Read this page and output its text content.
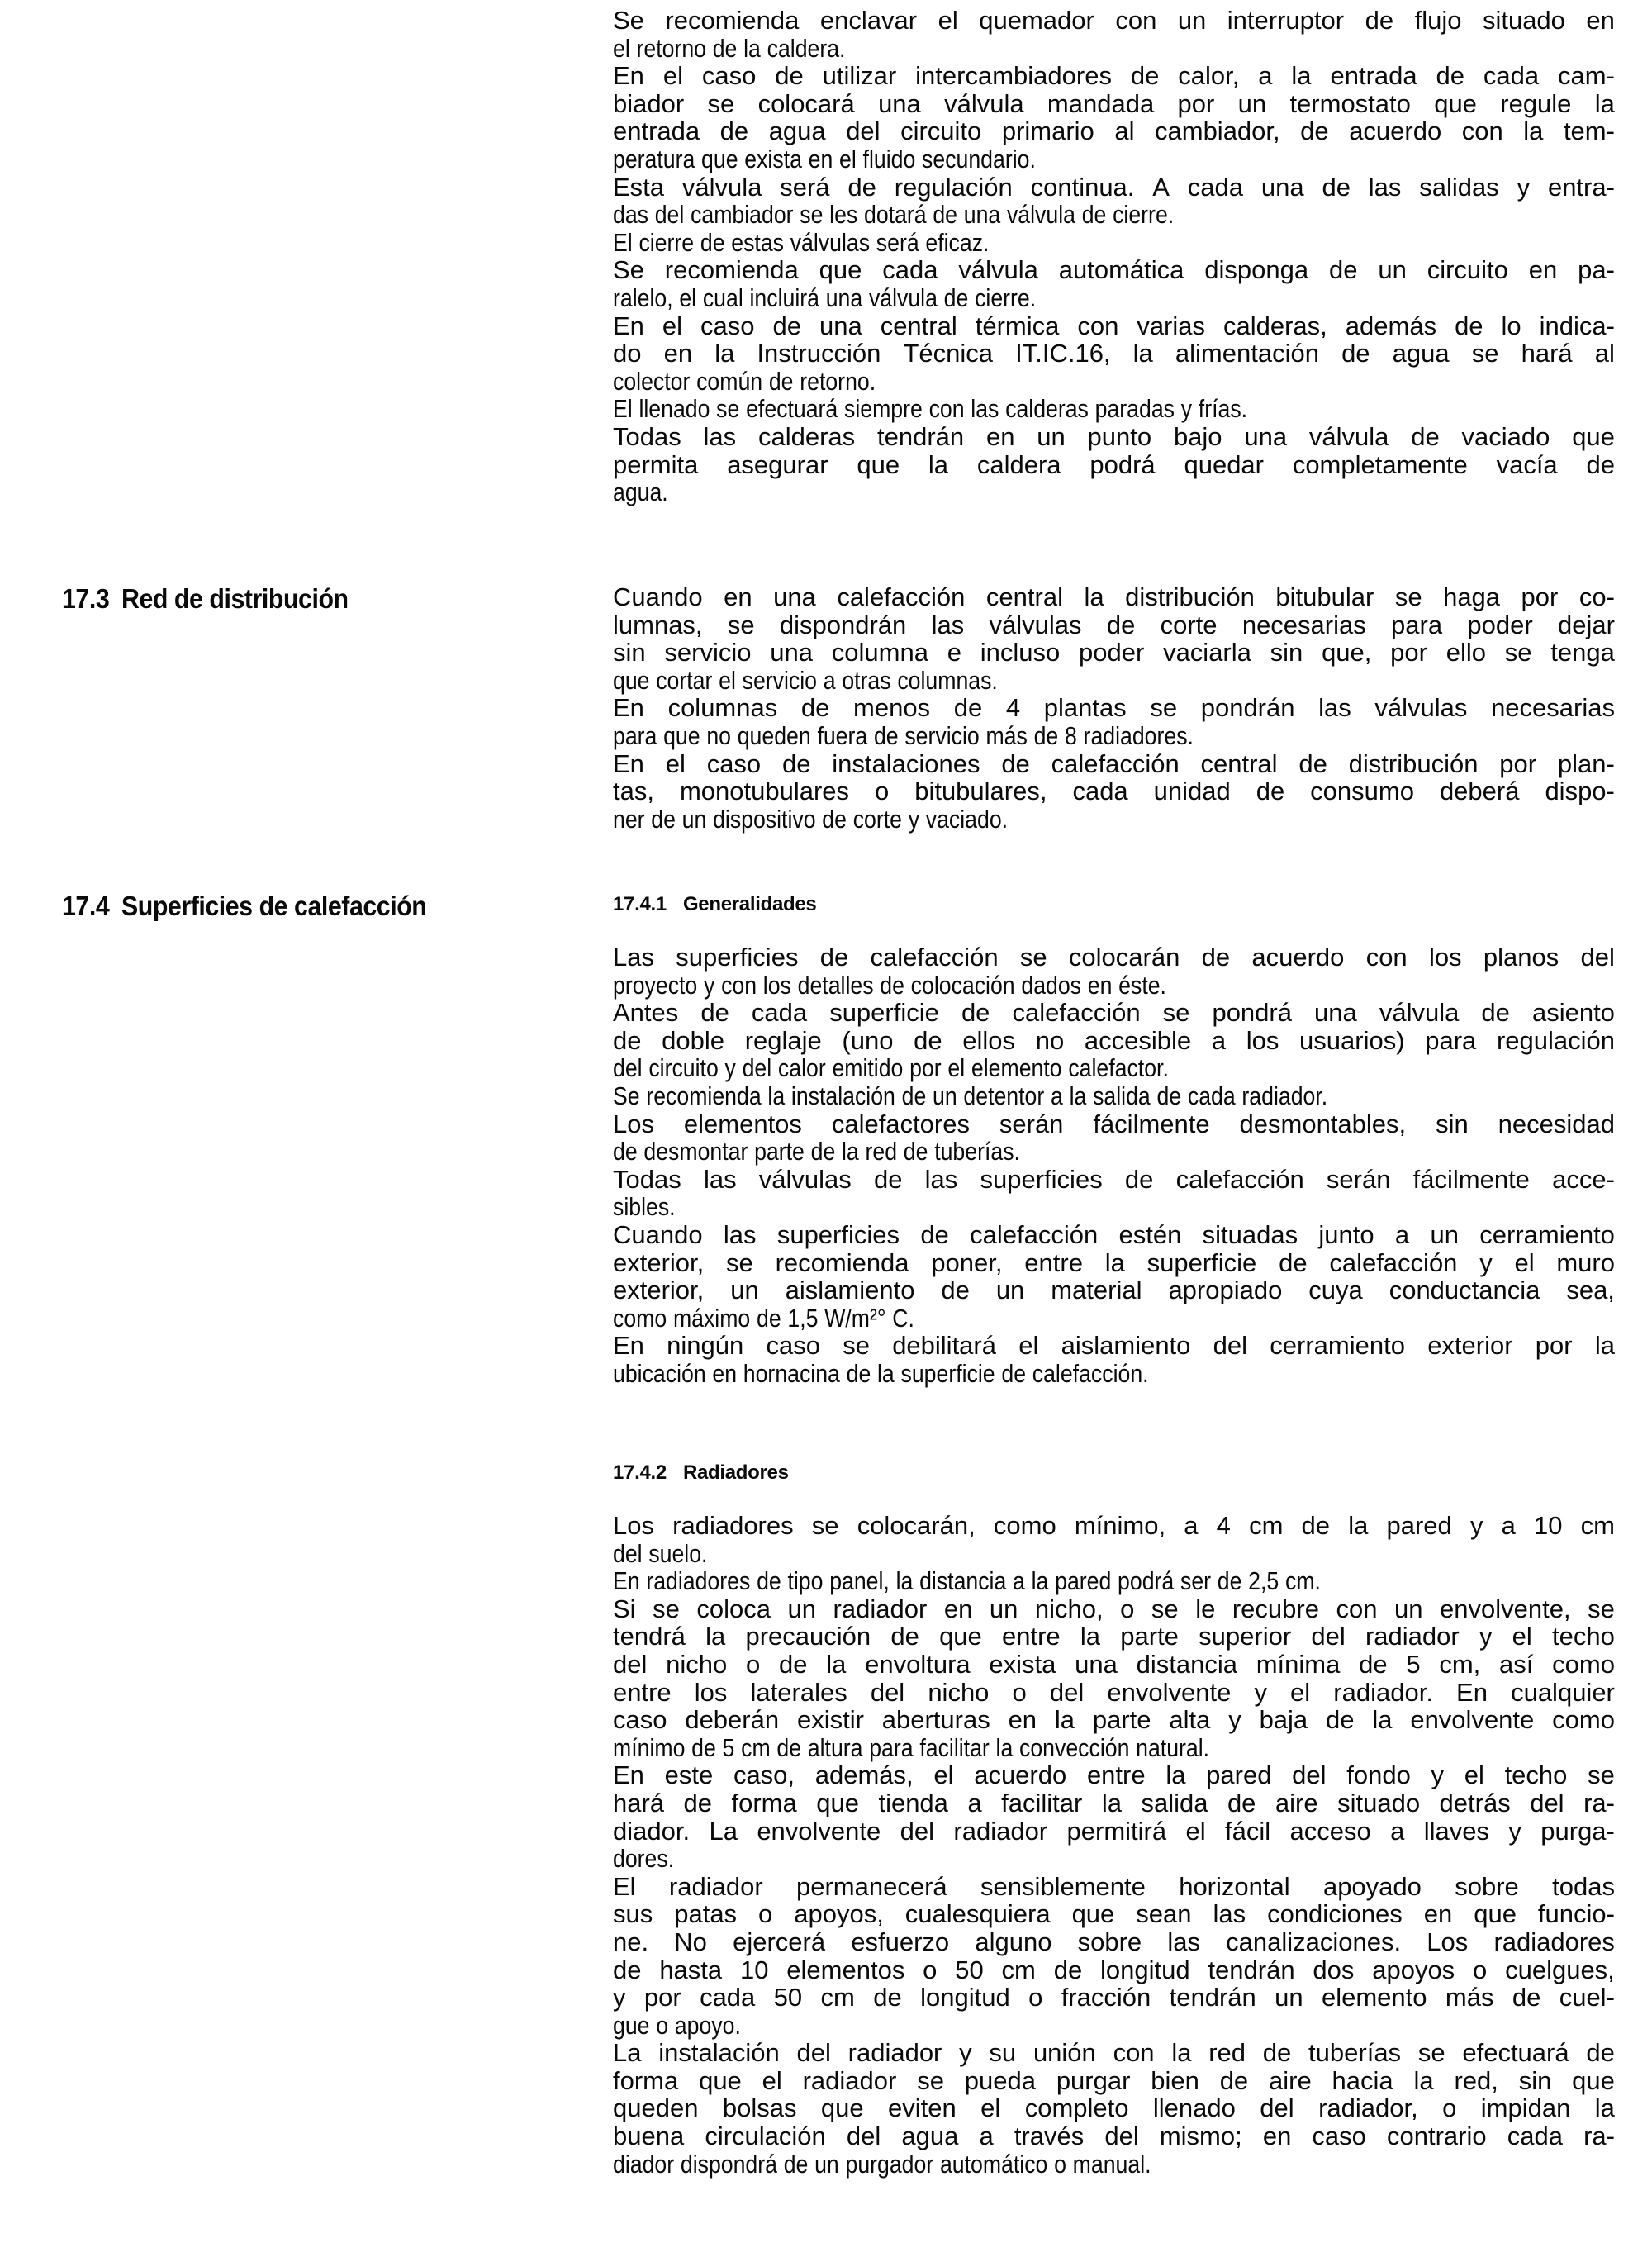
17.3 Red de distribución
17.4 Superficies de calefacción
Se recomienda enclavar el quemador con un interruptor de flujo situado en
el retorno de la caldera.
En el caso de utilizar intercambiadores de calor, a la entrada de cada cam-
biador se colocará una válvula mandada por un termostato que regule la
entrada de agua del circuito primario al cambiador, de acuerdo con la tem-
peratura que exista en el fluido secundario.
Esta válvula será de regulación continua. A cada una de las salidas y entra-
das del cambiador se les dotará de una válvula de cierre.
El cierre de estas válvulas será eficaz.
Se recomienda que cada válvula automática disponga de un circuito en pa-
ralelo, el cual incluirá una válvula de cierre.
En el caso de una central térmica con varias calderas, además de lo indica-
do en la Instrucción Técnica IT.IC.16, la alimentación de agua se hará al
colector común de retorno.
El llenado se efectuará siempre con las calderas paradas y frías.
Todas las calderas tendrán en un punto bajo una válvula de vaciado que
permita asegurar que la caldera podrá quedar completamente vacía de
agua.
Cuando en una calefacción central la distribución bitubular se haga por co-
lumnas, se dispondrán las válvulas de corte necesarias para poder dejar
sin servicio una columna e incluso poder vaciarla sin que, por ello se tenga
que cortar el servicio a otras columnas.
En columnas de menos de 4 plantas se pondrán las válvulas necesarias
para que no queden fuera de servicio más de 8 radiadores.
En el caso de instalaciones de calefacción central de distribución por plan-
tas, monotubulares o bitubulares, cada unidad de consumo deberá dispo-
ner de un dispositivo de corte y vaciado.
17.4.1 Generalidades
Las superficies de calefacción se colocarán de acuerdo con los planos del
proyecto y con los detalles de colocación dados en éste.
Antes de cada superficie de calefacción se pondrá una válvula de asiento
de doble reglaje (uno de ellos no accesible a los usuarios) para regulación
del circuito y del calor emitido por el elemento calefactor.
Se recomienda la instalación de un detentor a la salida de cada radiador.
Los elementos calefactores serán fácilmente desmontables, sin necesidad
de desmontar parte de la red de tuberías.
Todas las válvulas de las superficies de calefacción serán fácilmente acce-
sibles.
Cuando las superficies de calefacción estén situadas junto a un cerramiento
exterior, se recomienda poner, entre la superficie de calefacción y el muro
exterior, un aislamiento de un material apropiado cuya conductancia sea,
como máximo de 1,5 W/m²° C.
En ningún caso se debilitará el aislamiento del cerramiento exterior por la
ubicación en hornacina de la superficie de calefacción.
17.4.2 Radiadores
Los radiadores se colocarán, como mínimo, a 4 cm de la pared y a 10 cm
del suelo.
En radiadores de tipo panel, la distancia a la pared podrá ser de 2,5 cm.
Si se coloca un radiador en un nicho, o se le recubre con un envolvente, se
tendrá la precaución de que entre la parte superior del radiador y el techo
del nicho o de la envoltura exista una distancia mínima de 5 cm, así como
entre los laterales del nicho o del envolvente y el radiador. En cualquier
caso deberán existir aberturas en la parte alta y baja de la envolvente como
mínimo de 5 cm de altura para facilitar la convección natural.
En este caso, además, el acuerdo entre la pared del fondo y el techo se
hará de forma que tienda a facilitar la salida de aire situado detrás del ra-
diador. La envolvente del radiador permitirá el fácil acceso a llaves y purga-
dores.
El radiador permanecerá sensiblemente horizontal apoyado sobre todas
sus patas o apoyos, cualesquiera que sean las condiciones en que funcio-
ne. No ejercerá esfuerzo alguno sobre las canalizaciones. Los radiadores
de hasta 10 elementos o 50 cm de longitud tendrán dos apoyos o cuelgues,
y por cada 50 cm de longitud o fracción tendrán un elemento más de cuel-
gue o apoyo.
La instalación del radiador y su unión con la red de tuberías se efectuará de
forma que el radiador se pueda purgar bien de aire hacia la red, sin que
queden bolsas que eviten el completo llenado del radiador, o impidan la
buena circulación del agua a través del mismo; en caso contrario cada ra-
diador dispondrá de un purgador automático o manual.
